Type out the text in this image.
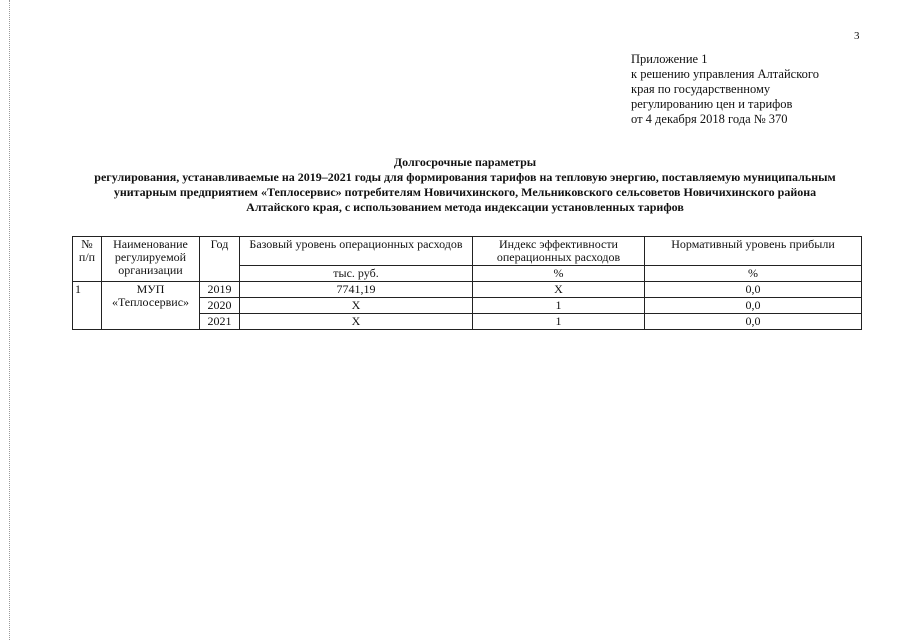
3
Приложение 1
к решению управления Алтайского
края по государственному
регулированию цен и тарифов
от 4 декабря 2018 года № 370
Долгосрочные параметры
регулирования, устанавливаемые на 2019–2021 годы для формирования тарифов на тепловую энергию, поставляемую муниципальным
унитарным предприятием «Теплосервис» потребителям Новичихинского, Мельниковского сельсоветов Новичихинского района
Алтайского края, с использованием метода индексации установленных тарифов
№ п/п	Наименование регулируемой организации	Год	Базовый уровень операционных расходов	Индекс эффективности операционных расходов	Нормативный уровень прибыли
			тыс. руб.	%	%
1	МУП «Теплосервис»	2019	7741,19	X	0,0
		2020	X	1	0,0
		2021	X	1	0,0
